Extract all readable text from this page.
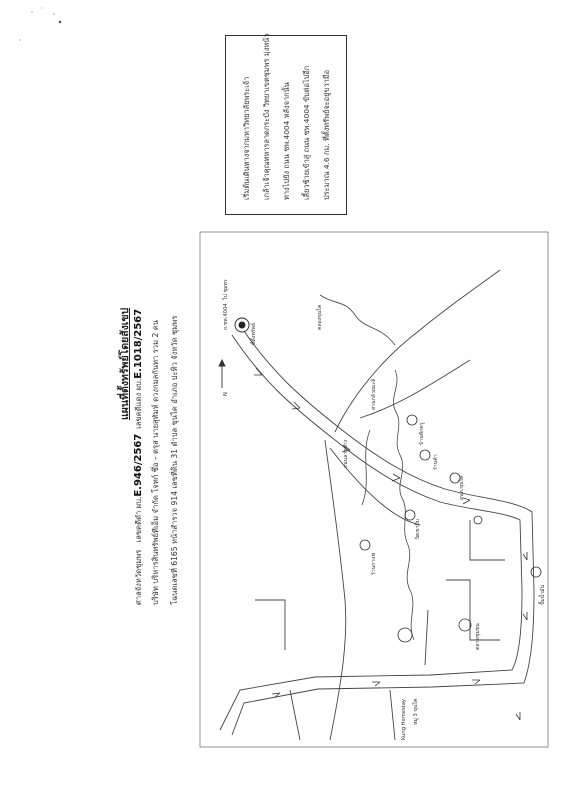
แผนที่ตั้งทรัพย์โดยสังเขป
ศาลจังหวัดชุมพร   เลขคดีดำ ผบ.E.946/2567  เลขคดีแดง ผบ.E.1018/2567 บริษัท บริหารสินทรัพย์ทีเอ็ม จำกัด โจทก์ ซึ่อ – ตรุส นายสุทัมห์ ดวงกมลกันทา รวม 2 คน โฉนดเลขที่ 6165 หน้าสำรวจ 914 เลขที่ดิน 31 ตำบล ขุนไค อำเภอ ปะทิว จังหวัด ชุมพร
เริ่มต้นเดินทางจากมหาวิทยาลัยพระเจ้า เกล้าเจ้าคุณทหารลาดกระบัง วิทยาเขตชุมพร มุ่งหน้า ทางไปยัง ถนน ชพ.4004 หลังจากนั้น เลี้ยวซ้ายเข้าสู่ ถนน ชพ.4004 ขับต่อไปอีก ประมาณ 4.6 กม. ที่ตั้งทรัพย์จะอยู่ขวามือ
N
ถ.ชพ.4004
ไป ชุมพร
ที่ตั้งทรัพย์
สวนกล้วยมะลิ
บ้านพักครู
ร้านค้า
อบต.ขุนไค
วัดเขาปีบ
ร้านกาแฟ
ตลาดชุมชน
ปั๊มน้ำมัน
Kung Homestay หมู่ 3 ขุนไค
คลองขุนไค
ถนนลาดยาง
